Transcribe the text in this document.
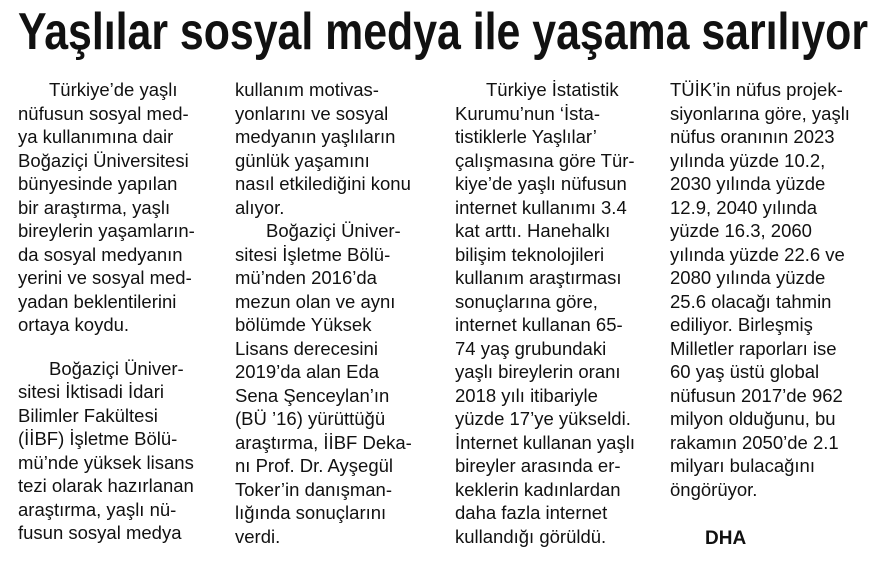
Yaşlılar sosyal medya ile yaşama sarılıyor
Türkiye’de yaşlı
nüfusun sosyal med-
ya kullanımına dair
Boğaziçi Üniversitesi
bünyesinde yapılan
bir araştırma, yaşlı
bireylerin yaşamların-
da sosyal medyanın
yerini ve sosyal med-
yadan beklentilerini
ortaya koydu.
Boğaziçi Üniver-
sitesi İktisadi İdari
Bilimler Fakültesi
(İİBF) İşletme Bölü-
mü’nde yüksek lisans
tezi olarak hazırlanan
araştırma, yaşlı nü-
fusun sosyal medya
kullanım motivas-
yonlarını ve sosyal
medyanın yaşlıların
günlük yaşamını
nasıl etkilediğini konu
alıyor.
Boğaziçi Üniver-
sitesi İşletme Bölü-
mü’nden 2016’da
mezun olan ve aynı
bölümde Yüksek
Lisans derecesini
2019’da alan Eda
Sena Şenceylan’ın
(BÜ ’16) yürüttüğü
araştırma, İİBF Deka-
nı Prof. Dr. Ayşegül
Toker’in danışman-
lığında sonuçlarını
verdi.
Türkiye İstatistik
Kurumu’nun ‘İsta-
tistiklerle Yaşlılar’
çalışmasına göre Tür-
kiye’de yaşlı nüfusun
internet kullanımı 3.4
kat arttı. Hanehalkı
bilişim teknolojileri
kullanım araştırması
sonuçlarına göre,
internet kullanan 65-
74 yaş grubundaki
yaşlı bireylerin oranı
2018 yılı itibariyle
yüzde 17’ye yükseldi.
İnternet kullanan yaşlı
bireyler arasında er-
keklerin kadınlardan
daha fazla internet
kullandığı görüldü.
TÜİK’in nüfus projek-
siyonlarına göre, yaşlı
nüfus oranının 2023
yılında yüzde 10.2,
2030 yılında yüzde
12.9, 2040 yılında
yüzde 16.3, 2060
yılında yüzde 22.6 ve
2080 yılında yüzde
25.6 olacağı tahmin
ediliyor. Birleşmiş
Milletler raporları ise
60 yaş üstü global
nüfusun 2017’de 962
milyon olduğunu, bu
rakamın 2050’de 2.1
milyarı bulacağını
öngörüyor.
DHA
